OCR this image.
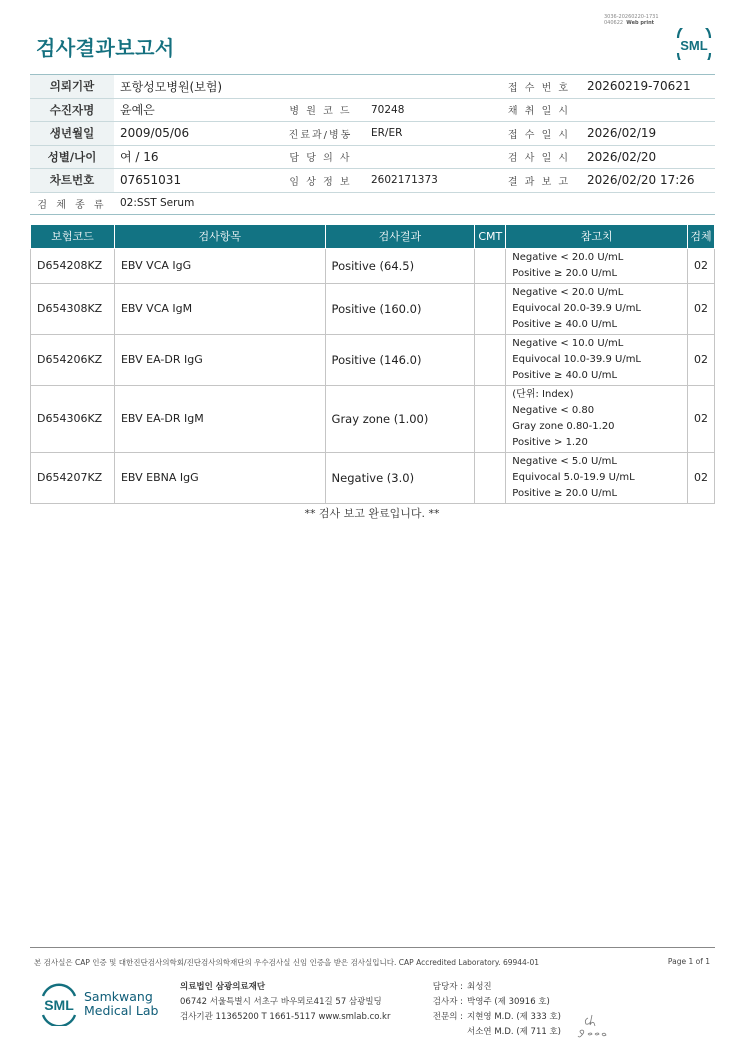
3036-20260220-1731
040622 Web print
검사결과보고서	SML
의뢰기관	포항성모병원(보험)			접 수 번 호	20260219-70621
수진자명	윤예은	병 원 코 드	70248	채 취 일 시	
생년월일	2009/05/06	진료과/병동	ER/ER	접 수 일 시	2026/02/19
성별/나이	여 / 16	담 당 의 사		검 사 일 시	2026/02/20
차트번호	07651031	임 상 정 보	2602171373	결 과 보 고	2026/02/20 17:26
검 체 종 류	02:SST Serum				
보험코드	검사항목	검사결과	CMT	참고치	검체
D654208KZ	EBV VCA IgG	Positive (64.5)		Negative < 20.0 U/mL
Positive ≥ 20.0 U/mL	02
D654308KZ	EBV VCA IgM	Positive (160.0)		Negative < 20.0 U/mL
Equivocal 20.0-39.9 U/mL
Positive ≥ 40.0 U/mL	02
D654206KZ	EBV EA-DR IgG	Positive (146.0)		Negative < 10.0 U/mL
Equivocal 10.0-39.9 U/mL
Positive ≥ 40.0 U/mL	02
D654306KZ	EBV EA-DR IgM	Gray zone (1.00)		(단위: Index)
Negative < 0.80
Gray zone 0.80-1.20
Positive > 1.20	02
D654207KZ	EBV EBNA IgG	Negative (3.0)		Negative < 5.0 U/mL
Equivocal 5.0-19.9 U/mL
Positive ≥ 20.0 U/mL	02
** 검사 보고 완료입니다. **
본 검사실은 CAP 인증 및 대한진단검사의학회/진단검사의학재단의 우수검사실 신임 인증을 받은 검사실입니다. CAP Accredited Laboratory. 69944-01	Page 1 of 1
SML
Samkwang
Medical Lab
의료법인 삼광의료재단
06742 서울특별시 서초구 바우뫼로41길 57 삼광빌딩
검사기관 11365200 T 1661-5117 www.smlab.co.kr
담당자 : 최성진
검사자 : 박영주 (제 30916 호)
전문의 : 지현영 M.D. (제 333 호)
서소연 M.D. (제 711 호)
